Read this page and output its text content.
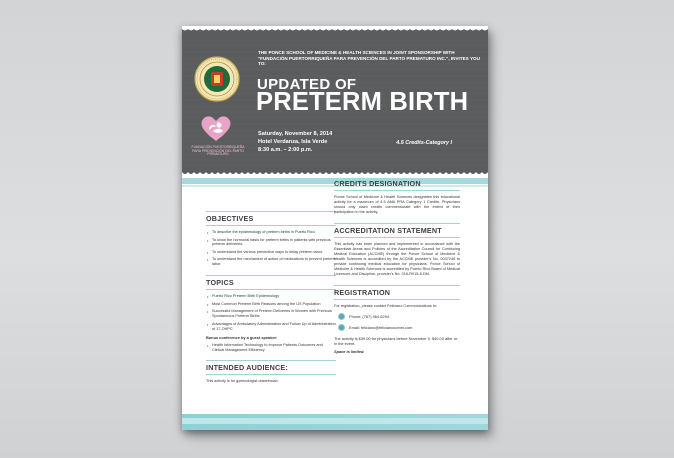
FUNDACIÓN PUERTORRIQUEÑA PARA PREVENCIÓN DEL PARTO PREMATURO
THE PONCE SCHOOL OF MEDICINE & HEALTH SCIENCES IN JOINT SPONSORSHIP WITH "FUNDACIÓN PUERTORRIQUEÑA PARA PREVENCIÓN DEL PARTO PREMATURO INC.", INVITES YOU TO:
UPDATED OF
PRETERM BIRTH
Saturday, November 8, 2014
Hotel Verdanza, Isla Verde
8:30 a.m. – 2:00 p.m.
4.5 Credits-Category I
OBJECTIVES
• To describe the epidemiology of preterm births in Puerto Rico.
• To know the hormonal basis for preterm births in patients with previous preterm deliveries.
• To understand the various preventive ways to delay preterm labor.
• To understand the mechanism of action of medications to prevent preterm labor.
TOPICS
• Puerto Rico Preterm Birth Epidemiology
• Most Common Preterm Birth Reasons among the US Population
• Successful Management of Preterm Deliveries in Women with Previous Spontaneous Preterm Births
• Advantages of Ambulatory Administration and Follow Up of Administration of 17-OHPC
Bonus conference by a guest speaker:
• Health Information Technology to Improve Patients Outcomes and Clinical Management Efficiency
INTENDED AUDIENCE:
This activity is for gynecologist obstetrician.
CREDITS DESIGNATION
Ponce School of Medicine & Health Sciences designates this educational activity for a maximum of 4.5 AMA PRA Category 1 Credits. Physicians should only claim credits commensurate with the extent of their participation in the activity.
ACCREDITATION STATEMENT
This activity has been planned and implemented in accordance with the Essentials Areas and Policies of the Accreditation Council for Continuing Medical Education (ACCME) through the Ponce School of Medicine & Health Sciences is accredited by the ACCME provider's No. 0037246 to provide continuing medical education for physicians. Ponce School of Medicine & Health Sciences is accredited by Puerto Rico Board of Medical Licensure and Discipline, provider's No. 016-R015-8-DM.
REGISTRATION
For registration, please contact Feliciano Communications to:
Phone: (787) 964-6294
Email: feliciano@felicianocomm.com
The activity is $39.00 for physicians before November 5, $40.00 after or in the event.
Space is limited.
